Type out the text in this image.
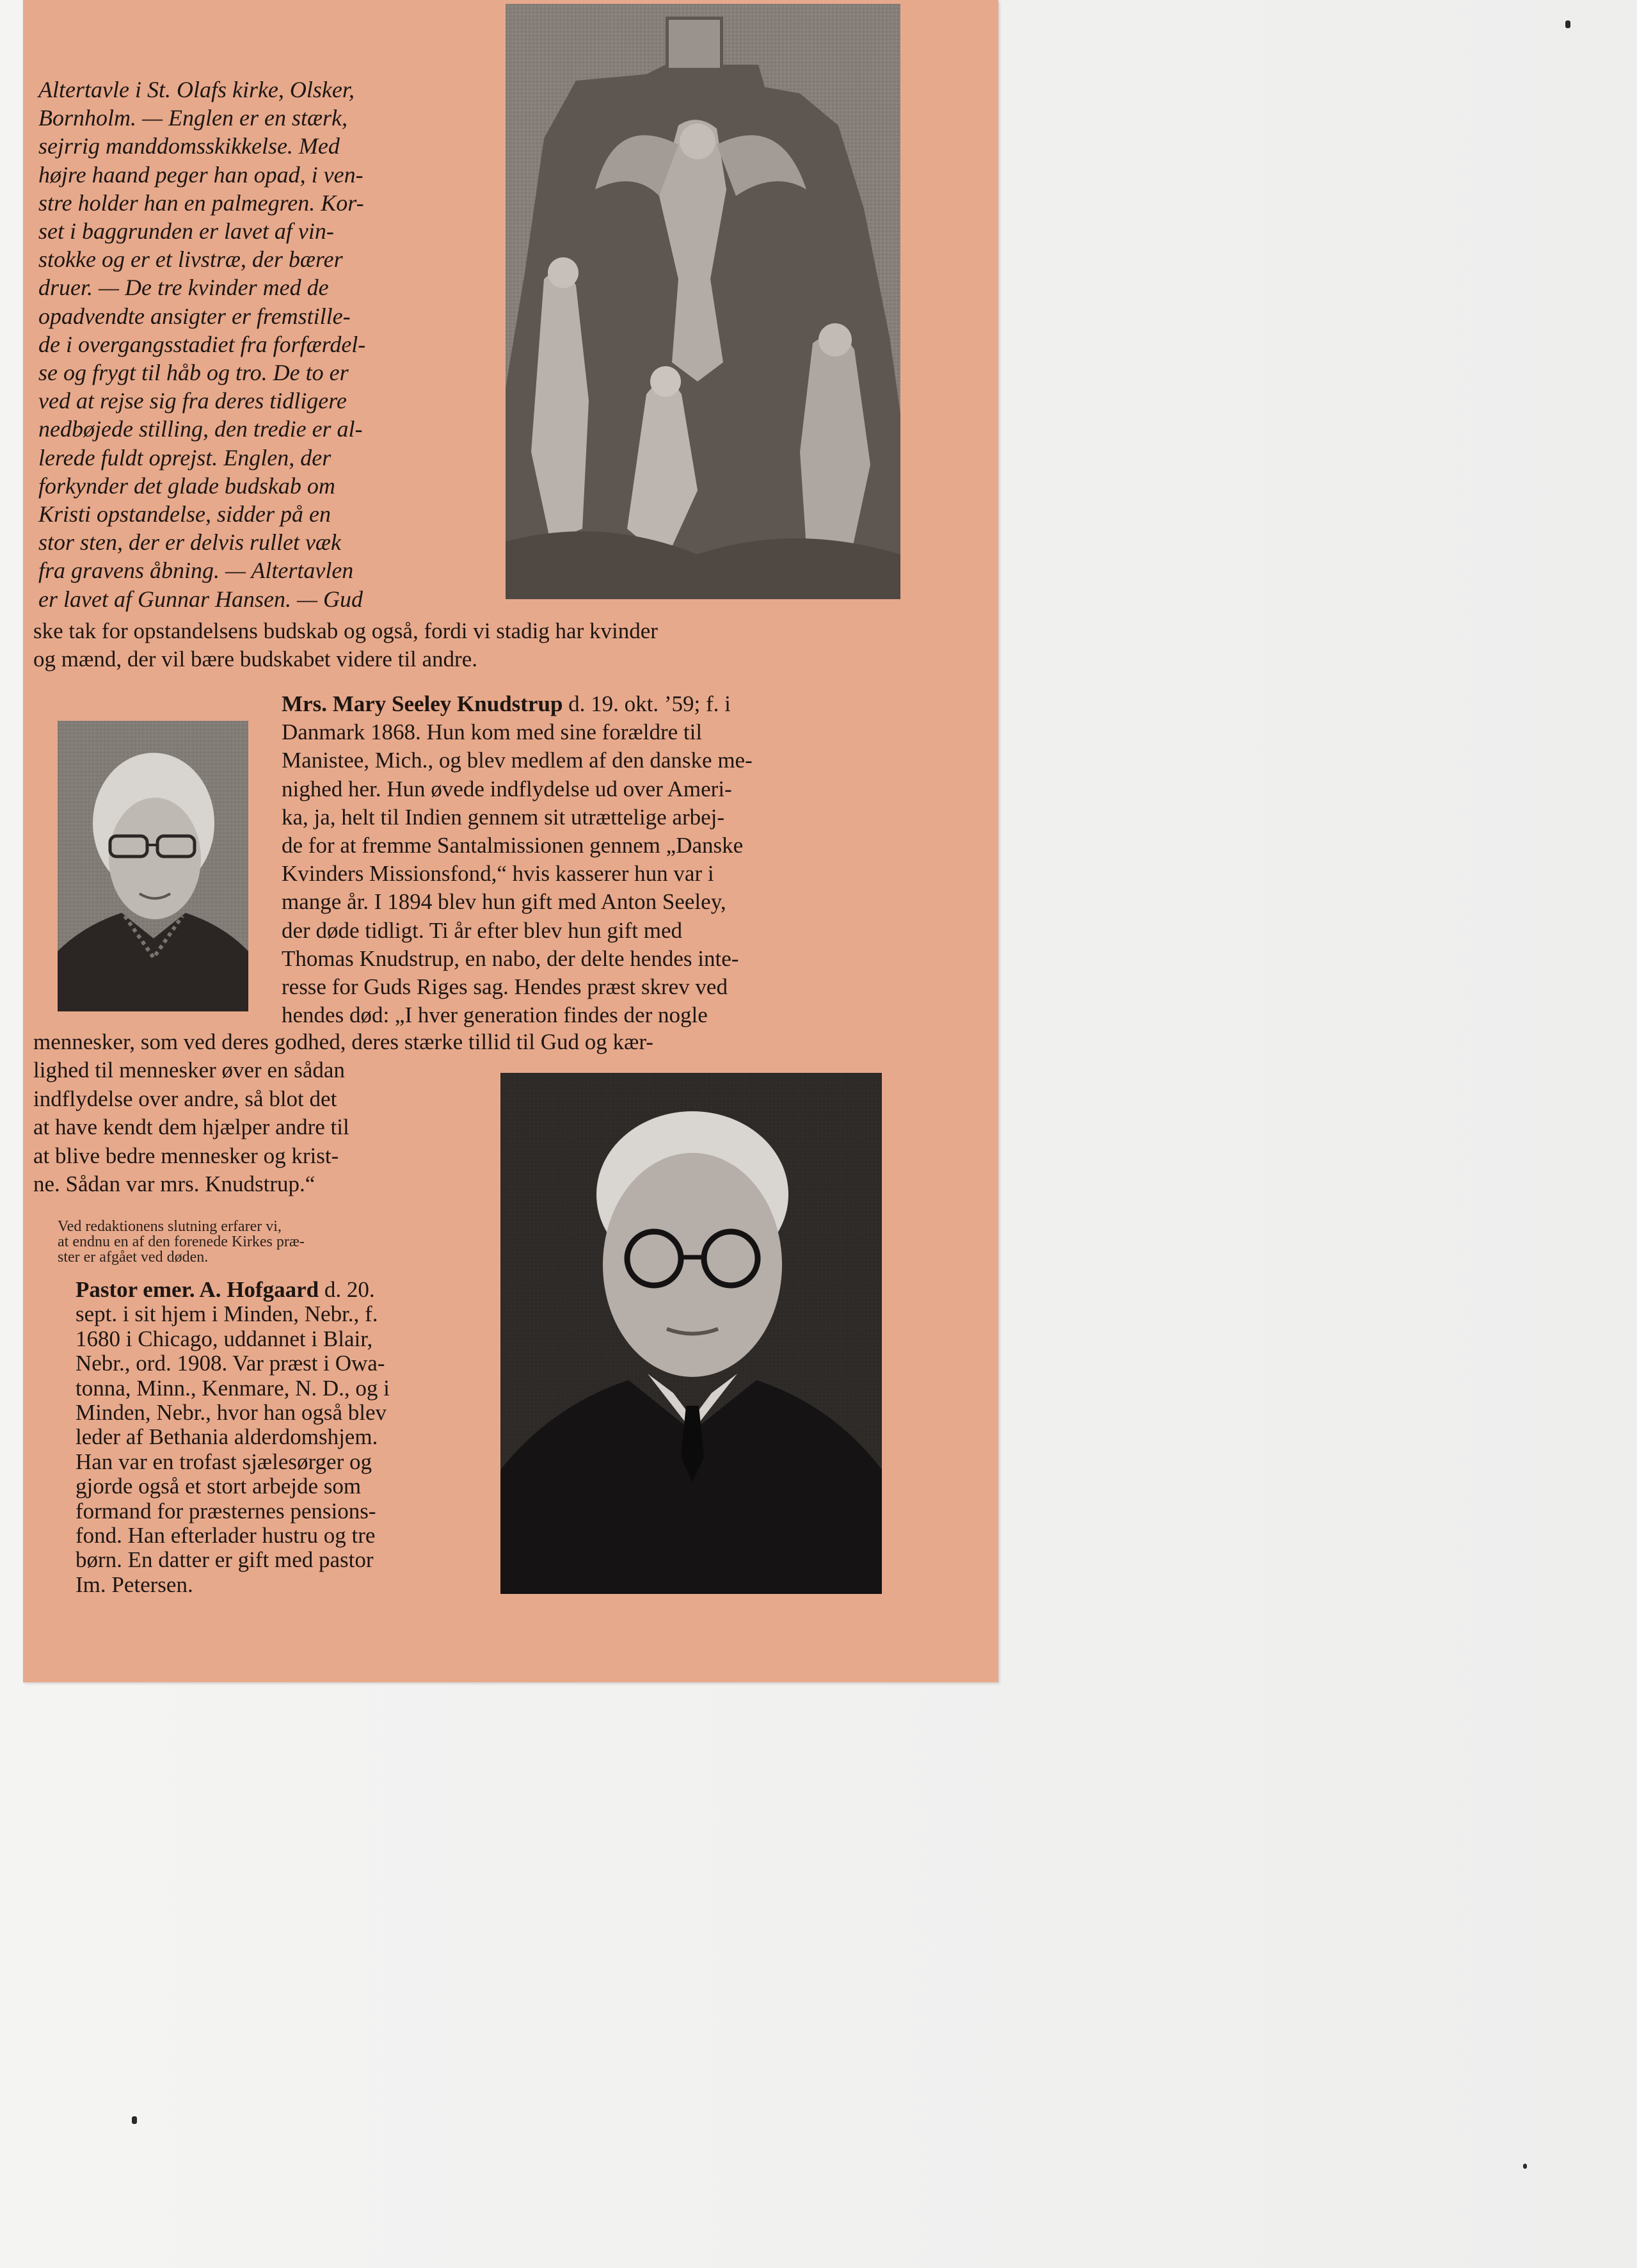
Altertavle i St. Olafs kirke, Olsker,
Bornholm. — Englen er en stærk,
sejrrig manddomsskikkelse. Med
højre haand peger han opad, i ven-
stre holder han en palmegren. Kor-
set i baggrunden er lavet af vin-
stokke og er et livstræ, der bærer
druer. — De tre kvinder med de
opadvendte ansigter er fremstille-
de i overgangsstadiet fra forfærdel-
se og frygt til håb og tro. De to er
ved at rejse sig fra deres tidligere
nedbøjede stilling, den tredie er al-
lerede fuldt oprejst. Englen, der
forkynder det glade budskab om
Kristi opstandelse, sidder på en
stor sten, der er delvis rullet væk
fra gravens åbning. — Altertavlen
er lavet af Gunnar Hansen. — Gud

ske tak for opstandelsens budskab og også, fordi vi stadig har kvinder
og mænd, der vil bære budskabet videre til andre.

Mrs. Mary Seeley Knudstrup d. 19. okt. ’59; f. i
Danmark 1868. Hun kom med sine forældre til
Manistee, Mich., og blev medlem af den danske me-
nighed her. Hun øvede indflydelse ud over Ameri-
ka, ja, helt til Indien gennem sit utrættelige arbej-
de for at fremme Santalmissionen gennem „Danske
Kvinders Missionsfond,“ hvis kasserer hun var i
mange år. I 1894 blev hun gift med Anton Seeley,
der døde tidligt. Ti år efter blev hun gift med
Thomas Knudstrup, en nabo, der delte hendes inte-
resse for Guds Riges sag. Hendes præst skrev ved
hendes død: „I hver generation findes der nogle

mennesker, som ved deres godhed, deres stærke tillid til Gud og kær-

lighed til mennesker øver en sådan
indflydelse over andre, så blot det
at have kendt dem hjælper andre til
at blive bedre mennesker og krist-
ne. Sådan var mrs. Knudstrup.“

Ved redaktionens slutning erfarer vi,
at endnu en af den forenede Kirkes præ-
ster er afgået ved døden.

Pastor emer. A. Hofgaard d. 20.
sept. i sit hjem i Minden, Nebr., f.
1680 i Chicago, uddannet i Blair,
Nebr., ord. 1908. Var præst i Owa-
tonna, Minn., Kenmare, N. D., og i
Minden, Nebr., hvor han også blev
leder af Bethania alderdomshjem.
Han var en trofast sjælesørger og
gjorde også et stort arbejde som
formand for præsternes pensions-
fond. Han efterlader hustru og tre
børn. En datter er gift med pastor
Im. Petersen.
